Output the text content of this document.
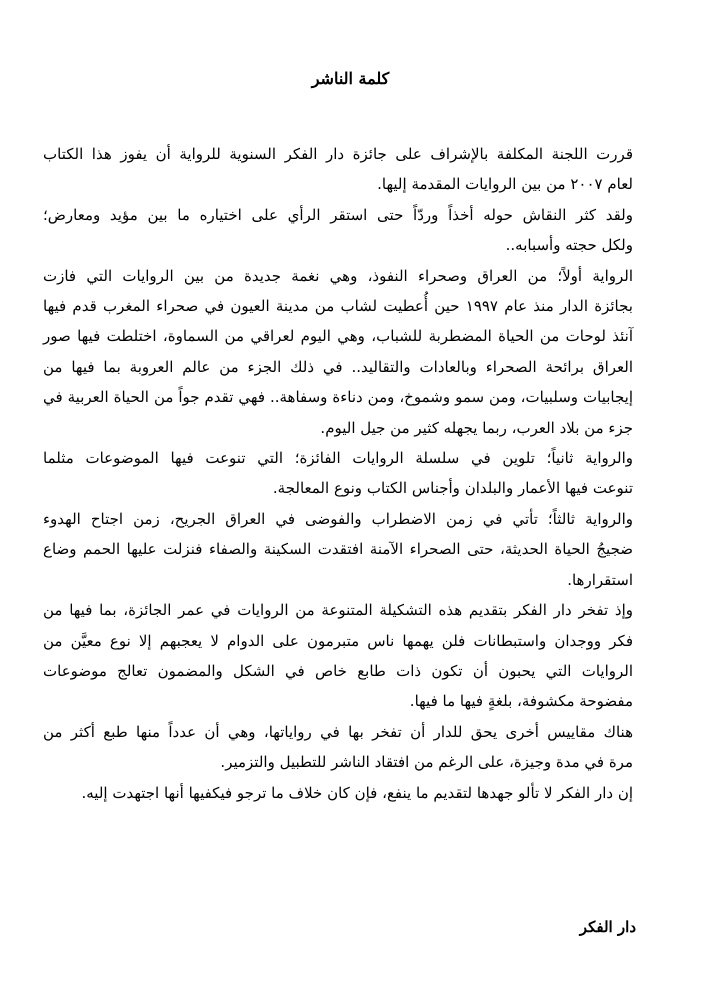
كلمة الناشر

قررت اللجنة المكلفة بالإشراف على جائزة دار الفكر السنوية للرواية أن يفوز هذا الكتاب
لعام ٢٠٠٧ من بين الروايات المقدمة إليها.

ولقد كثر النقاش حوله أخذاً وردّاً حتى استقر الرأي على اختياره ما بين مؤيد ومعارض؛
ولكل حجته وأسبابه..

الرواية أولاً؛ من العراق وصحراء النفوذ، وهي نغمة جديدة من بين الروايات التي فازت
بجائزة الدار منذ عام ١٩٩٧ حين أُعطيت لشاب من مدينة العيون في صحراء المغرب قدم فيها
آنئذ لوحات من الحياة المضطربة للشباب، وهي اليوم لعراقي من السماوة، اختلطت فيها صور
العراق برائحة الصحراء وبالعادات والتقاليد.. في ذلك الجزء من عالم العروبة بما فيها من
إيجابيات وسلبيات، ومن سمو وشموخ، ومن دناءة وسفاهة.. فهي تقدم جواً من الحياة العربية في
جزء من بلاد العرب، ربما يجهله كثير من جيل اليوم.

والرواية ثانياً؛ تلوين في سلسلة الروايات الفائزة؛ التي تنوعت فيها الموضوعات مثلما
تنوعت فيها الأعمار والبلدان وأجناس الكتاب ونوع المعالجة.

والرواية ثالثاً؛ تأتي في زمن الاضطراب والفوضى في العراق الجريح، زمن اجتاح الهدوء
ضجيجُ الحياة الحديثة، حتى الصحراء الآمنة افتقدت السكينة والصفاء فنزلت عليها الحمم وضاع
استقرارها.

وإذ تفخر دار الفكر بتقديم هذه التشكيلة المتنوعة من الروايات في عمر الجائزة، بما فيها من
فكر ووجدان واستبطانات فلن يهمها ناس متبرمون على الدوام لا يعجبهم إلا نوع معيَّن من
الروايات التي يحبون أن تكون ذات طابع خاص في الشكل والمضمون تعالج موضوعات
مفضوحة مكشوفة، بلغةٍ فيها ما فيها.

هناك مقاييس أخرى يحق للدار أن تفخر بها في رواياتها، وهي أن عدداً منها طبع أكثر من
مرة في مدة وجيزة، على الرغم من افتقاد الناشر للتطبيل والتزمير.

إن دار الفكر لا تألو جهدها لتقديم ما ينفع، فإن كان خلاف ما ترجو فيكفيها أنها اجتهدت إليه.

دار الفكر
